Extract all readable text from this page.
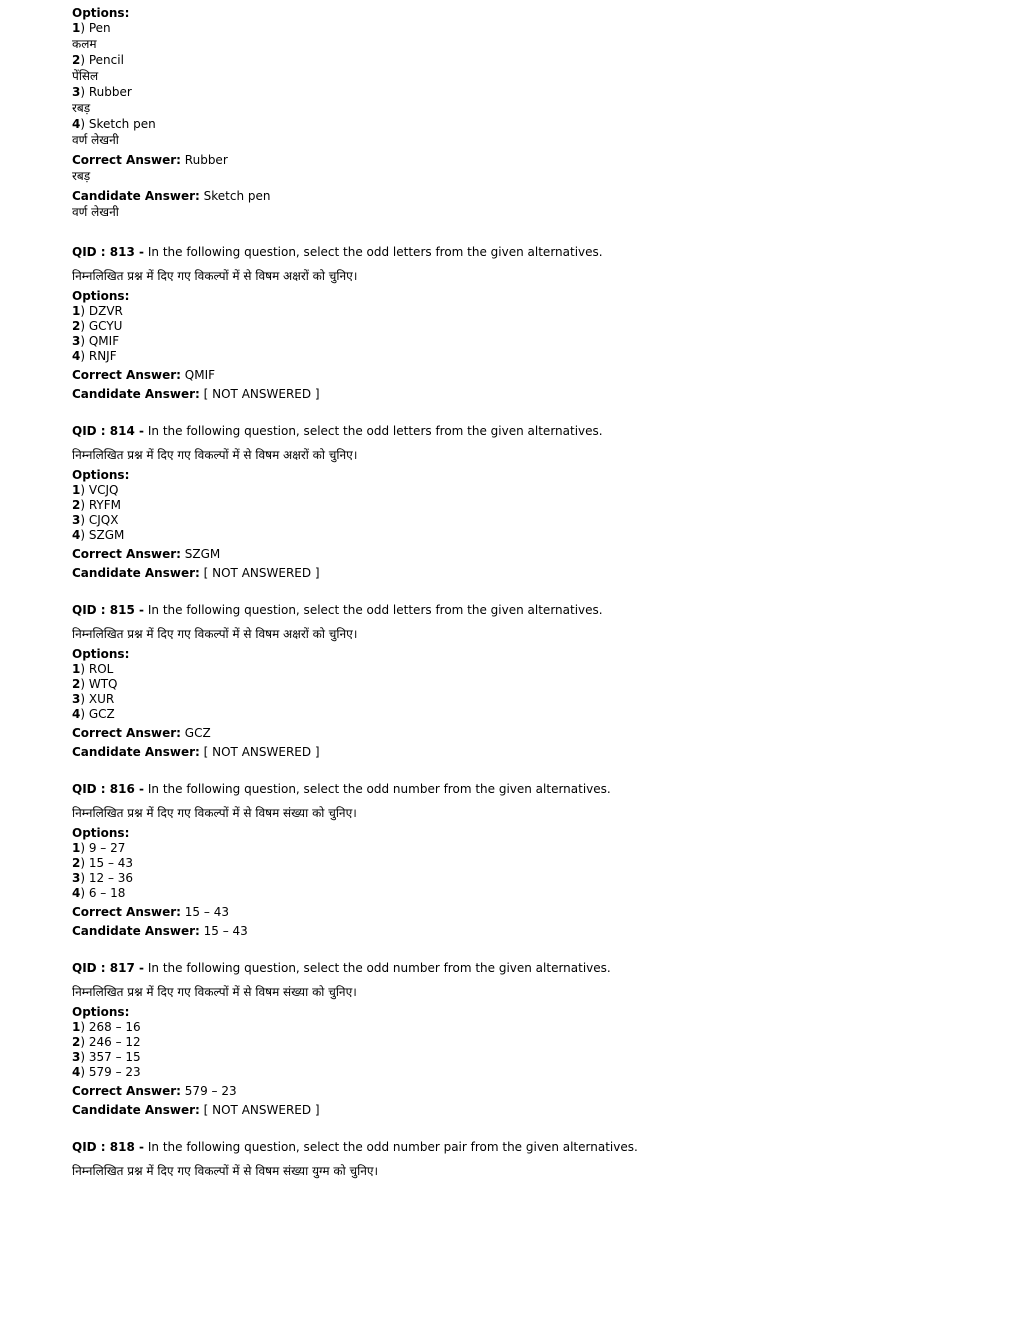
Options:
1) Pen
कलम
2) Pencil
पेंसिल
3) Rubber
रबड़
4) Sketch pen
वर्ण लेखनी
Correct Answer: Rubber
रबड़
Candidate Answer: Sketch pen
वर्ण लेखनी
QID : 813 - In the following question, select the odd letters from the given alternatives.
निम्नलिखित प्रश्न में दिए गए विकल्पों में से विषम अक्षरों को चुनिए।
Options:
1) DZVR
2) GCYU
3) QMIF
4) RNJF
Correct Answer: QMIF
Candidate Answer: [ NOT ANSWERED ]
QID : 814 - In the following question, select the odd letters from the given alternatives.
निम्नलिखित प्रश्न में दिए गए विकल्पों में से विषम अक्षरों को चुनिए।
Options:
1) VCJQ
2) RYFM
3) CJQX
4) SZGM
Correct Answer: SZGM
Candidate Answer: [ NOT ANSWERED ]
QID : 815 - In the following question, select the odd letters from the given alternatives.
निम्नलिखित प्रश्न में दिए गए विकल्पों में से विषम अक्षरों को चुनिए।
Options:
1) ROL
2) WTQ
3) XUR
4) GCZ
Correct Answer: GCZ
Candidate Answer: [ NOT ANSWERED ]
QID : 816 - In the following question, select the odd number from the given alternatives.
निम्नलिखित प्रश्न में दिए गए विकल्पों में से विषम संख्या को चुनिए।
Options:
1) 9 – 27
2) 15 – 43
3) 12 – 36
4) 6 – 18
Correct Answer: 15 – 43
Candidate Answer: 15 – 43
QID : 817 - In the following question, select the odd number from the given alternatives.
निम्नलिखित प्रश्न में दिए गए विकल्पों में से विषम संख्या को चुनिए।
Options:
1) 268 – 16
2) 246 – 12
3) 357 – 15
4) 579 – 23
Correct Answer: 579 – 23
Candidate Answer: [ NOT ANSWERED ]
QID : 818 - In the following question, select the odd number pair from the given alternatives.
निम्नलिखित प्रश्न में दिए गए विकल्पों में से विषम संख्या युग्म को चुनिए।
